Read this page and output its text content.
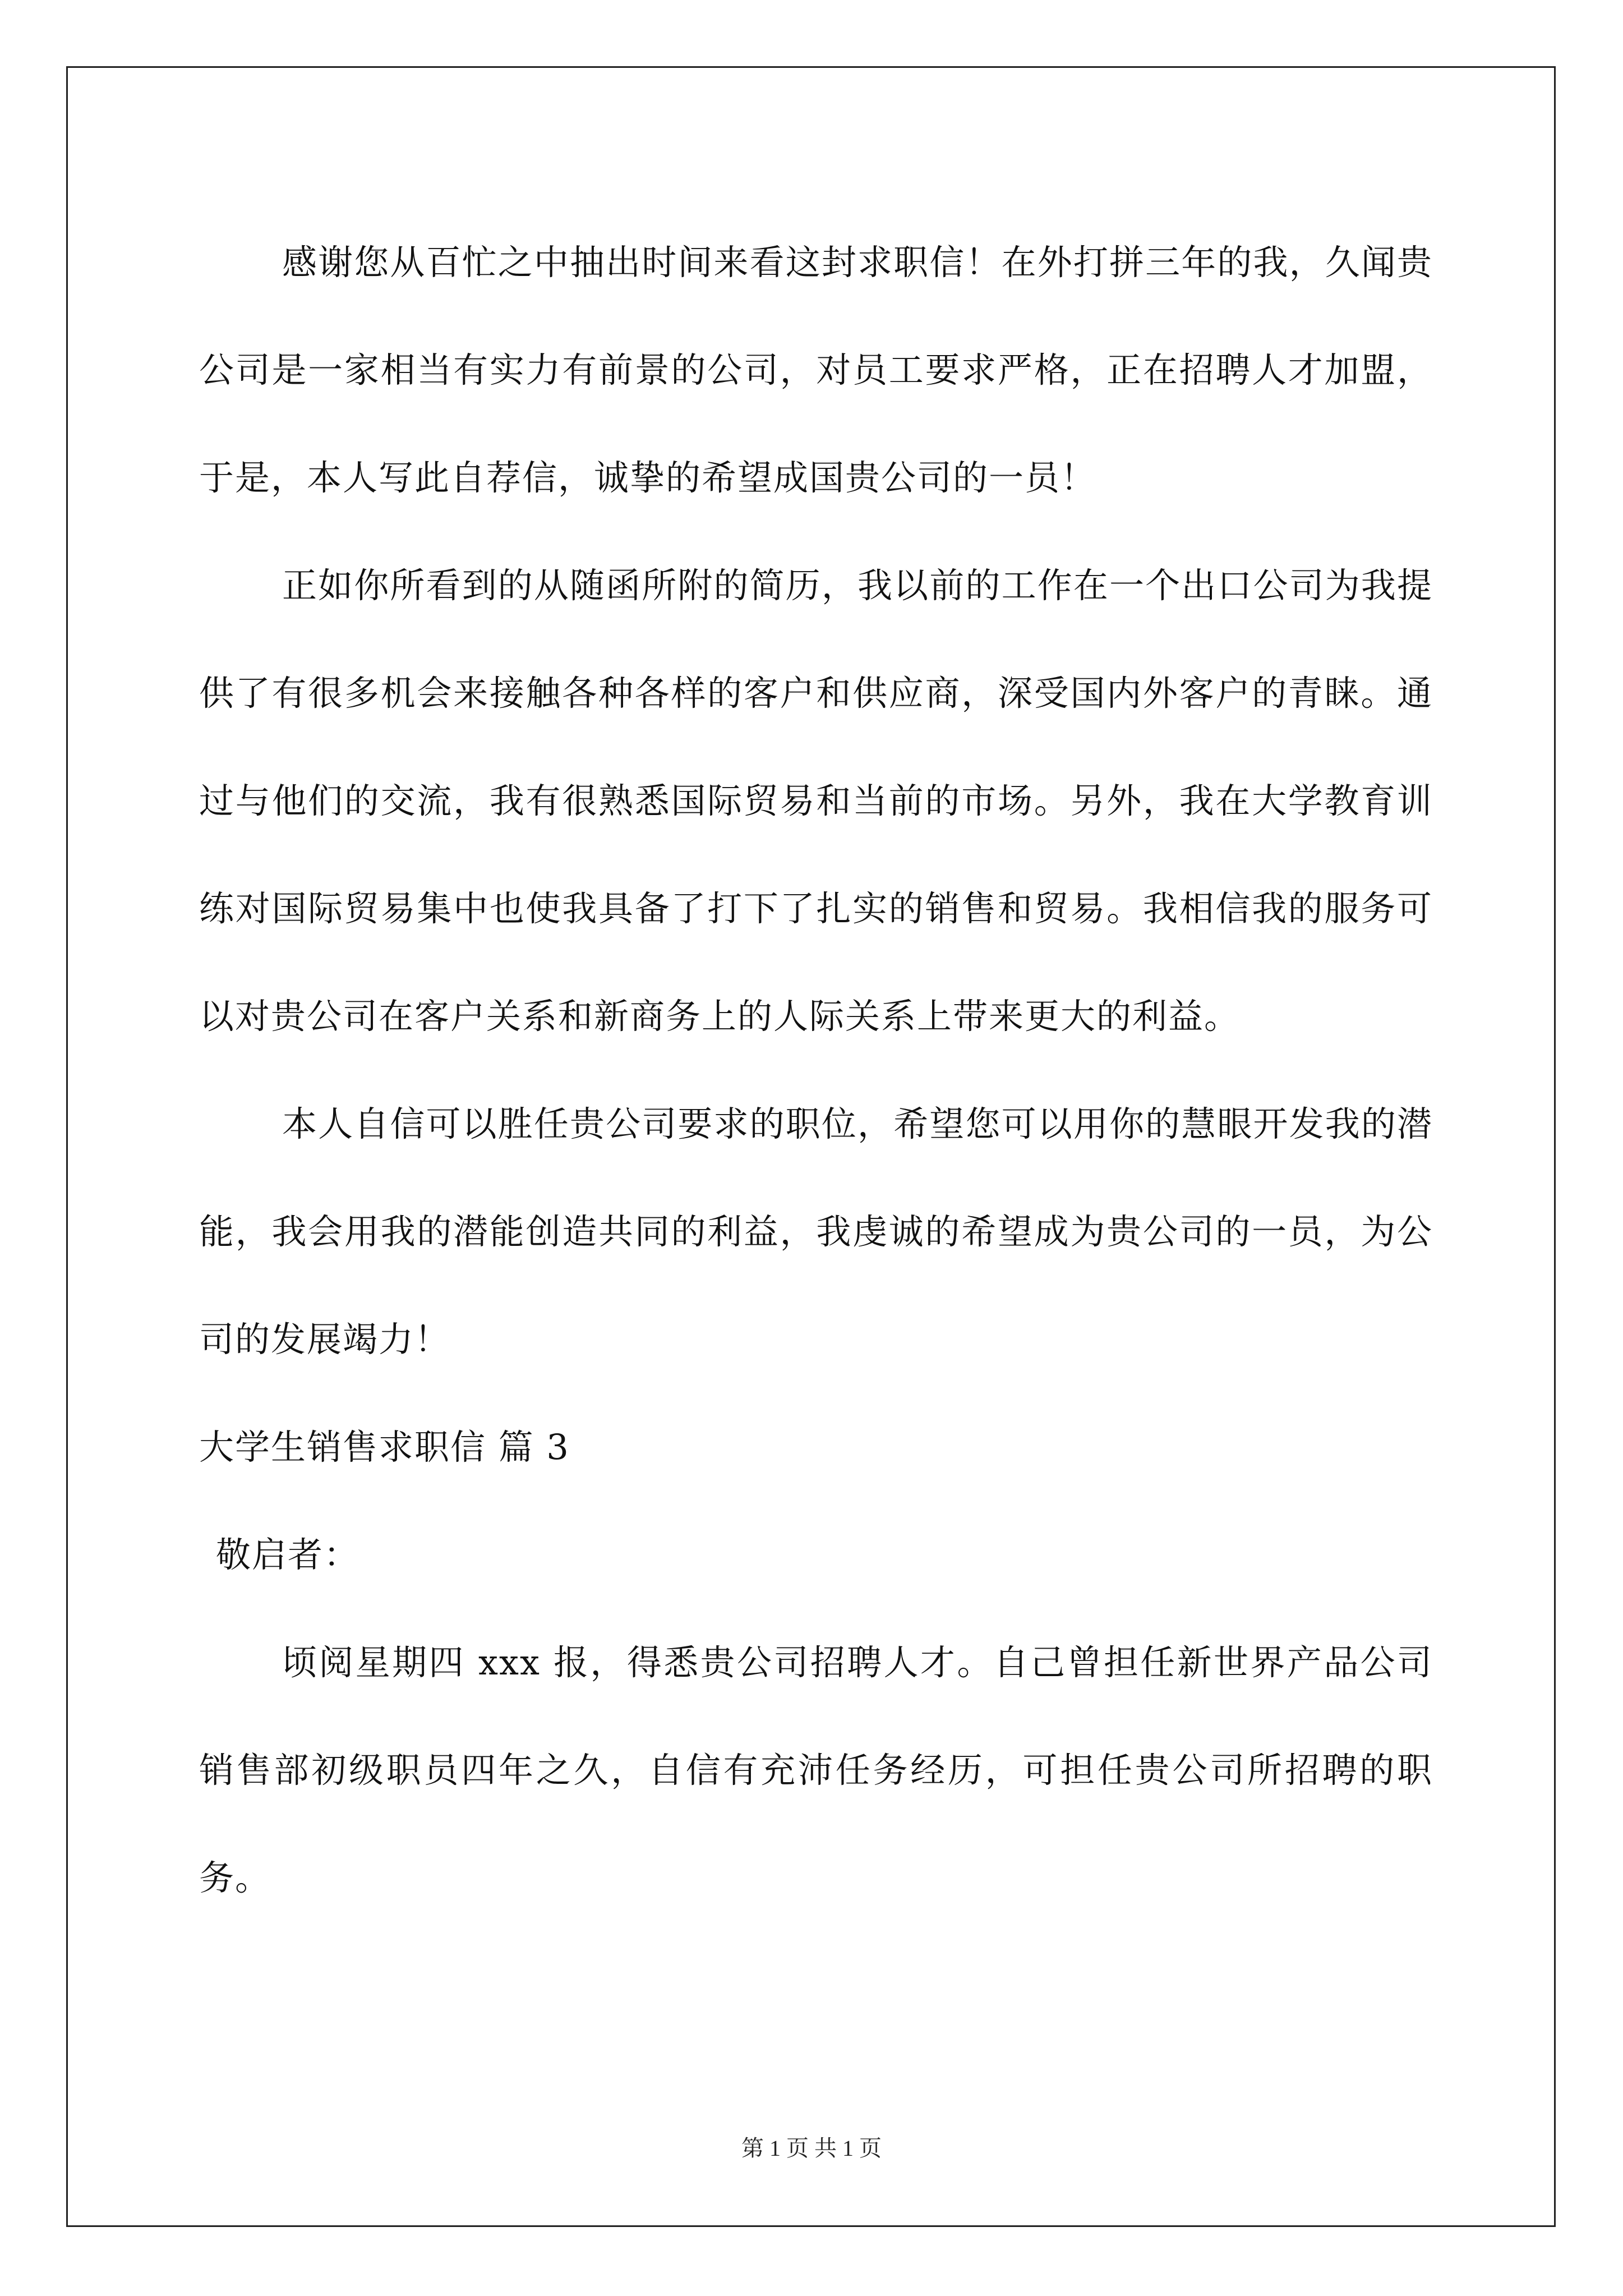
感谢您从百忙之中抽出时间来看这封求职信！在外打拼三年的我，久闻贵公司是一家相当有实力有前景的公司，对员工要求严格，正在招聘人才加盟，于是，本人写此自荐信，诚挚的希望成国贵公司的一员！

正如你所看到的从随函所附的简历，我以前的工作在一个出口公司为我提供了有很多机会来接触各种各样的客户和供应商，深受国内外客户的青睐。通过与他们的交流，我有很熟悉国际贸易和当前的市场。另外，我在大学教育训练对国际贸易集中也使我具备了打下了扎实的销售和贸易。我相信我的服务可以对贵公司在客户关系和新商务上的人际关系上带来更大的利益。

本人自信可以胜任贵公司要求的职位，希望您可以用你的慧眼开发我的潜能，我会用我的潜能创造共同的利益，我虔诚的希望成为贵公司的一员，为公司的发展竭力！

大学生销售求职信 篇 3

敬启者：

顷阅星期四 xxx 报，得悉贵公司招聘人才。自己曾担任新世界产品公司销售部初级职员四年之久，自信有充沛任务经历，可担任贵公司所招聘的职务。

第 1 页 共 1 页
